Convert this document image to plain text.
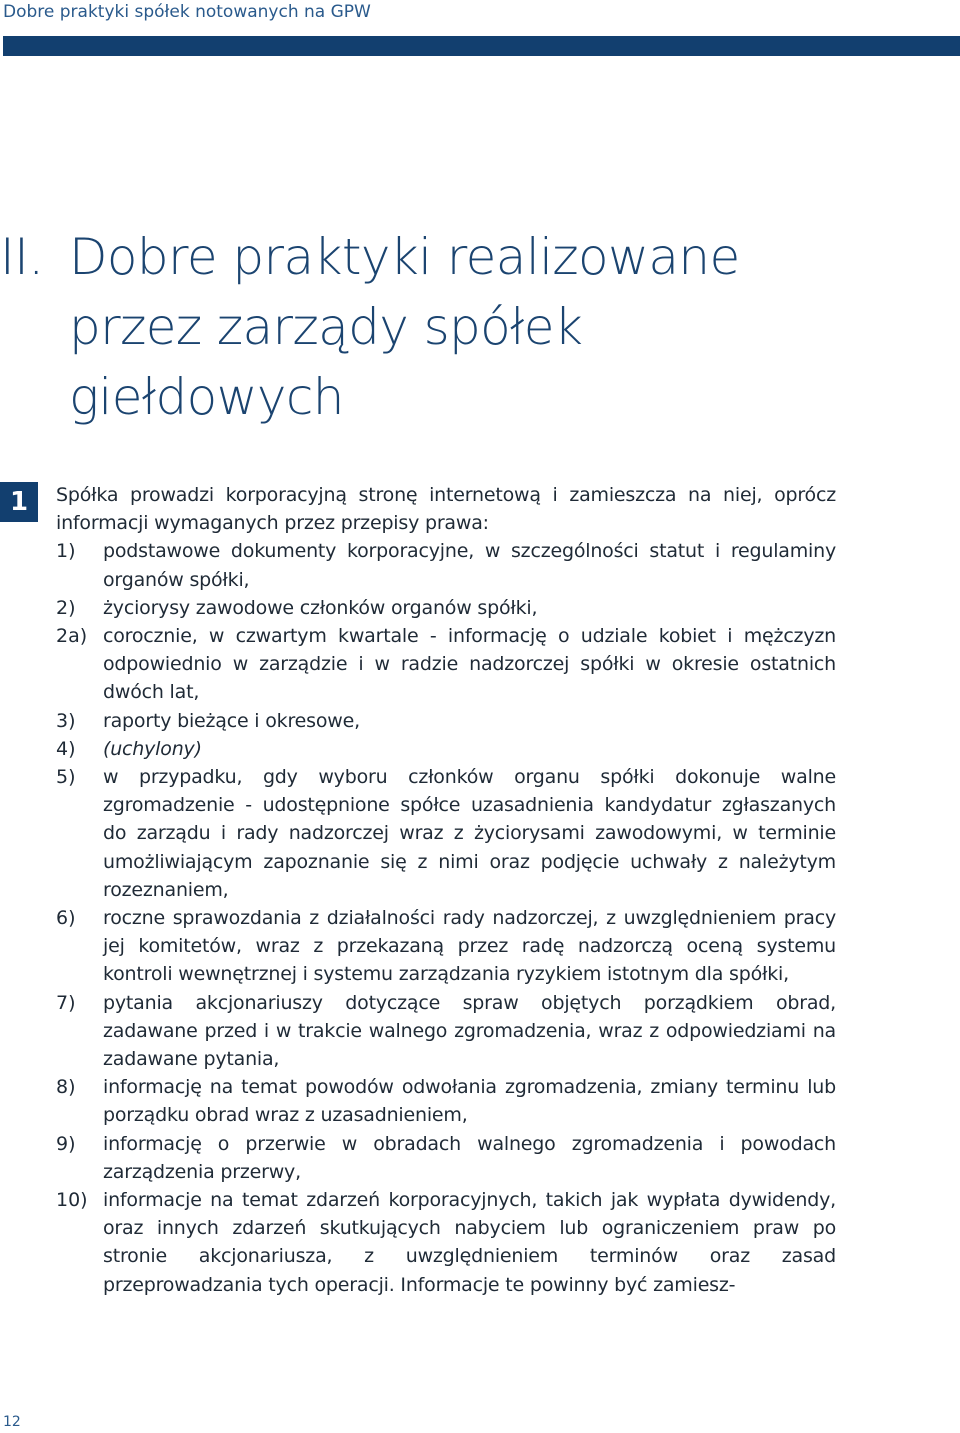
Dobre praktyki spółek notowanych na GPW
II. Dobre praktyki realizowane
przez zarządy spółek
giełdowych
1	Spółka prowadzi korporacyjną stronę internetową i zamieszcza na niej, oprócz informacji wymaganych przez przepisy prawa:
1)	podstawowe dokumenty korporacyjne, w szczególności statut i regulaminy organów spółki,
2)	życiorysy zawodowe członków organów spółki,
2a) corocznie, w czwartym kwartale - informację o udziale kobiet i mężczyzn odpowiednio w zarządzie i w radzie nadzorczej spółki w okresie ostatnich dwóch lat,
3)	raporty bieżące i okresowe,
4)	(uchylony)
5)	w przypadku, gdy wyboru członków organu spółki dokonuje walne zgromadzenie - udostępnione spółce uzasadnienia kandydatur zgłaszanych do zarządu i rady nadzorczej wraz z życiorysami zawodowymi, w terminie umożliwiającym zapoznanie się z nimi oraz podjęcie uchwały z należytym rozeznaniem,
6)	roczne sprawozdania z działalności rady nadzorczej, z uwzględnieniem pracy jej komitetów, wraz z przekazaną przez radę nadzorczą oceną systemu kontroli wewnętrznej i systemu zarządzania ryzykiem istotnym dla spółki,
7)	pytania akcjonariuszy dotyczące spraw objętych porządkiem obrad, zadawane przed i w trakcie walnego zgromadzenia, wraz z odpowiedziami na zadawane pytania,
8)	informację na temat powodów odwołania zgromadzenia, zmiany terminu lub porządku obrad wraz z uzasadnieniem,
9)	informację o przerwie w obradach walnego zgromadzenia i powodach zarządzenia przerwy,
10) informacje na temat zdarzeń korporacyjnych, takich jak wypłata dywidendy, oraz innych zdarzeń skutkujących nabyciem lub ograniczeniem praw po stronie akcjonariusza, z uwzględnieniem terminów oraz zasad przeprowadzania tych operacji. Informacje te powinny być zamiesz-
12
